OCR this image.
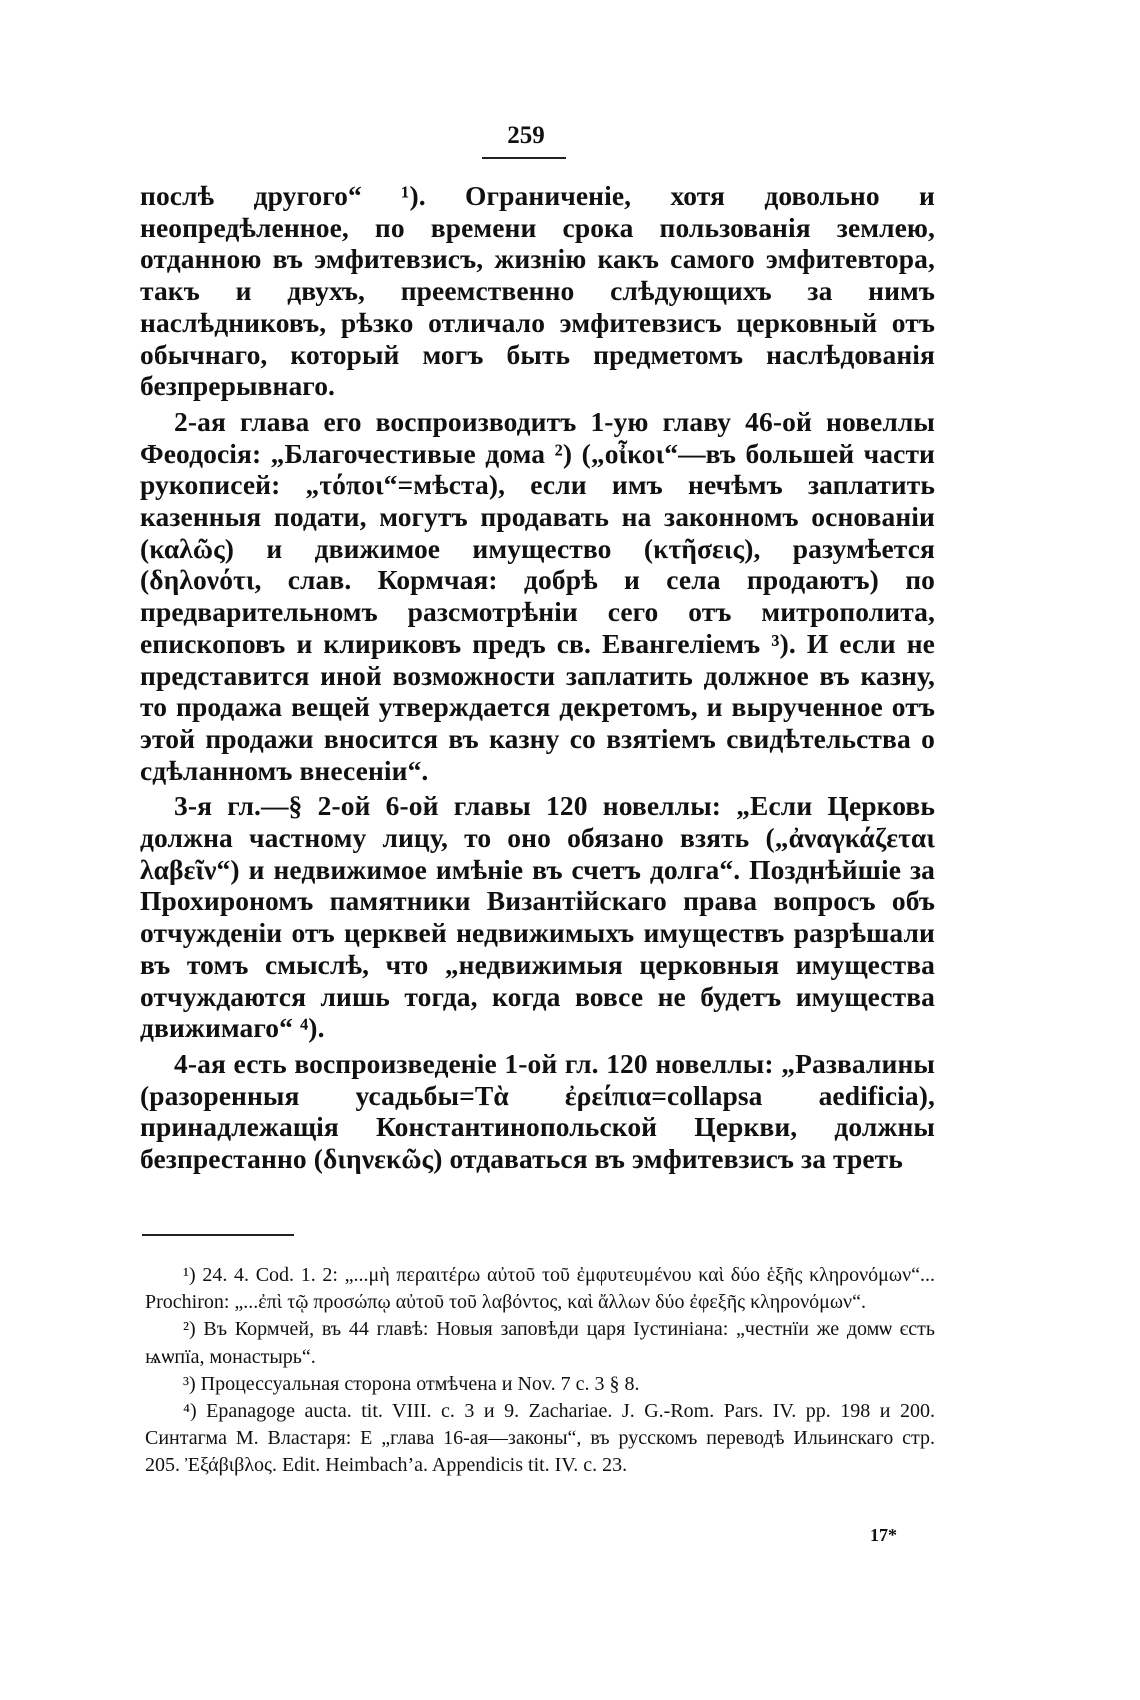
259

послѣ другого“ ¹). Ограниченіе, хотя довольно и неопредѣленное, по времени срока пользованія землею, отданною въ эмфитевзисъ, жизнію какъ самого эмфитевтора, такъ и двухъ, преемственно слѣдующихъ за нимъ наслѣдниковъ, рѣзко отличало эмфитевзисъ церковный отъ обычнаго, который могъ быть предметомъ наслѣдованія безпрерывнаго.

2-ая глава его воспроизводитъ 1-ую главу 46-ой новеллы Феодосія: „Благочестивые дома ²) („οἶκοι“—въ большей части рукописей: „τόποι“=мѣста), если имъ нечѣмъ заплатить казенныя подати, могутъ продавать на законномъ основаніи (καλῶς) и движимое имущество (κτῆσεις), разумѣется (δηλονότι, слав. Кормчая: добрѣ и села продаютъ) по предварительномъ разсмотрѣніи сего отъ митрополита, епископовъ и клириковъ предъ св. Евангеліемъ ³). И если не представится иной возможности заплатить должное въ казну, то продажа вещей утверждается декретомъ, и вырученное отъ этой продажи вносится въ казну со взятіемъ свидѣтельства о сдѣланномъ внесеніи“.

3-я гл.—§ 2-ой 6-ой главы 120 новеллы: „Если Церковь должна частному лицу, то оно обязано взять („ἀναγκάζεται λαβεῖν“) и недвижимое имѣніе въ счетъ долга“. Позднѣйшіе за Прохирономъ памятники Византійскаго права вопросъ объ отчужденіи отъ церквей недвижимыхъ имуществъ разрѣшали въ томъ смыслѣ, что „недвижимыя церковныя имущества отчуждаются лишь тогда, когда вовсе не будетъ имущества движимаго“ ⁴).

4-ая есть воспроизведеніе 1-ой гл. 120 новеллы: „Развалины (разоренныя усадьбы=Τὰ ἐρείπια=collapsa aedificia), принадлежащія Константинопольской Церкви, должны безпрестанно (διηνεκῶς) отдаваться въ эмфитевзисъ за треть

¹) 24. 4. Cod. 1. 2: „...μὴ περαιτέρω αὐτοῦ τοῦ ἐμφυτευμένου καὶ δύο ἑξῆς κληρονόμων“... Prochiron: „...ἐπὶ τῷ προσώπῳ αὐτοῦ τοῦ λαβόντος, καὶ ἄλλων δύο ἐφεξῆς κληρονόμων“.

²) Въ Кормчей, въ 44 главѣ: Новыя заповѣди царя Іустиніана: „честнїи же домѡ єсть ѩѡпїа, монастырь“.

³) Процессуальная сторона отмѣчена и Nov. 7 c. 3 § 8.

⁴) Epanagoge aucta. tit. VIII. c. 3 и 9. Zachariae. J. G.-Rom. Pars. IV. pp. 198 и 200. Синтагма М. Властаря: Е „глава 16-ая—законы“, въ русскомъ переводѣ Ильинскаго стр. 205. Ἐξάβιβλος. Edit. Heimbach’a. Appendicis tit. IV. c. 23.

17*
